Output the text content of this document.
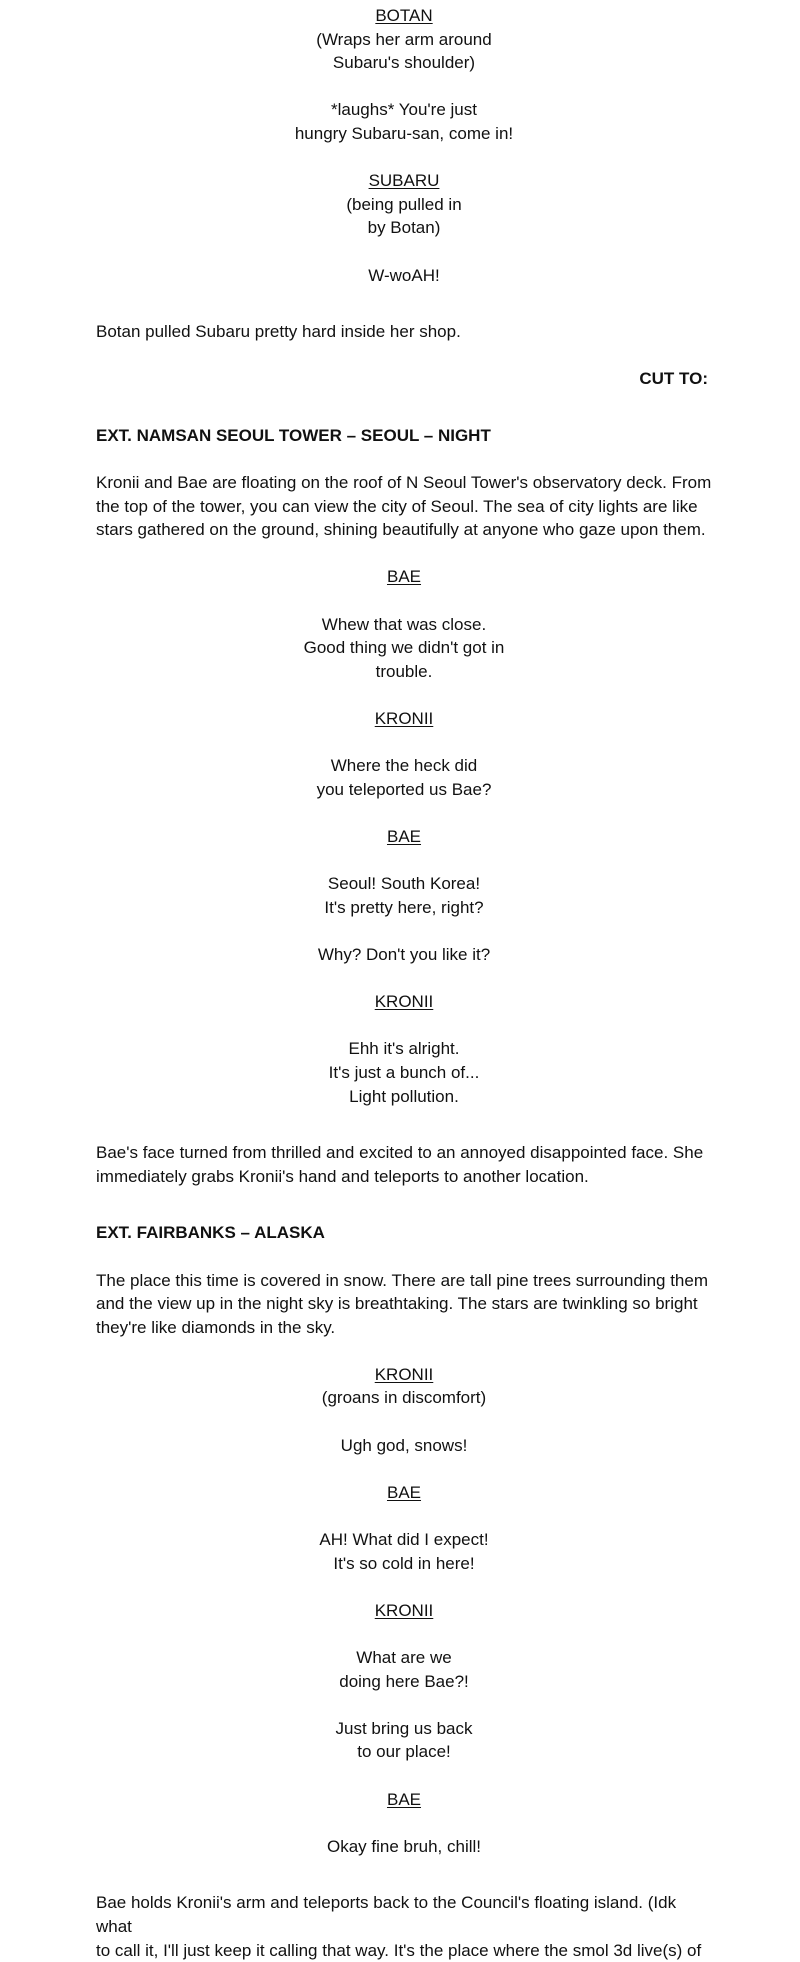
BOTAN
(Wraps her arm around
Subaru's shoulder)
*laughs* You're just
hungry Subaru-san, come in!
SUBARU
(being pulled in
by Botan)
W-woAH!
Botan pulled Subaru pretty hard inside her shop.
CUT TO:
EXT. NAMSAN SEOUL TOWER – SEOUL – NIGHT
Kronii and Bae are floating on the roof of N Seoul Tower's observatory deck. From
the top of the tower, you can view the city of Seoul. The sea of city lights are like
stars gathered on the ground, shining beautifully at anyone who gaze upon them.
BAE
Whew that was close.
Good thing we didn't got in
trouble.
KRONII
Where the heck did
you teleported us Bae?
BAE
Seoul! South Korea!
It's pretty here, right?
Why? Don't you like it?
KRONII
Ehh it's alright.
It's just a bunch of...
Light pollution.
Bae's face turned from thrilled and excited to an annoyed disappointed face. She
immediately grabs Kronii's hand and teleports to another location.
EXT. FAIRBANKS – ALASKA
The place this time is covered in snow. There are tall pine trees surrounding them
and the view up in the night sky is breathtaking. The stars are twinkling so bright
they're like diamonds in the sky.
KRONII
(groans in discomfort)
Ugh god, snows!
BAE
AH! What did I expect!
It's so cold in here!
KRONII
What are we
doing here Bae?!
Just bring us back
to our place!
BAE
Okay fine bruh, chill!
Bae holds Kronii's arm and teleports back to the Council's floating island. (Idk what
to call it, I'll just keep it calling that way. It's the place where the smol 3d live(s) of
